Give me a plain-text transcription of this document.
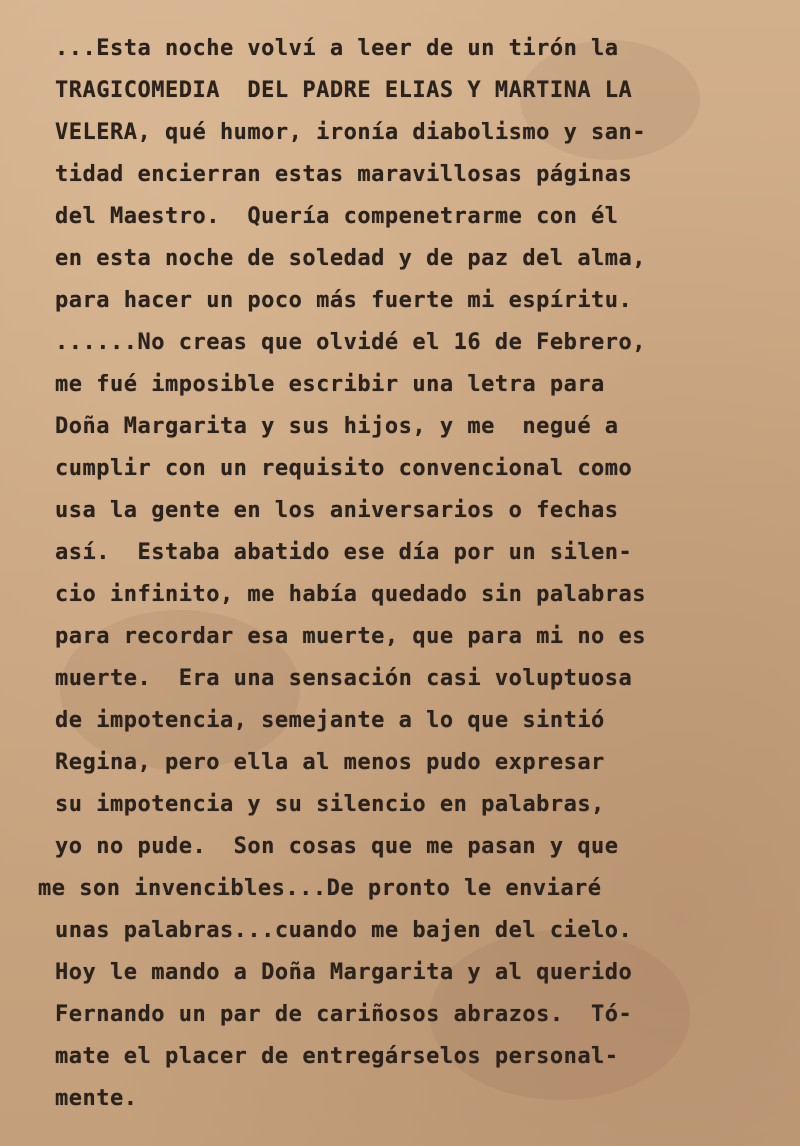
...Esta noche volví a leer de un tirón la
TRAGICOMEDIA  DEL PADRE ELIAS Y MARTINA LA
VELERA, qué humor, ironía diabolismo y san-
tidad encierran estas maravillosas páginas
del Maestro.  Quería compenetrarme con él
en esta noche de soledad y de paz del alma,
para hacer un poco más fuerte mi espíritu.
......No creas que olvidé el 16 de Febrero,
me fué imposible escribir una letra para
Doña Margarita y sus hijos, y me  negué a
cumplir con un requisito convencional como
usa la gente en los aniversarios o fechas
así.  Estaba abatido ese día por un silen-
cio infinito, me había quedado sin palabras
para recordar esa muerte, que para mi no es
muerte.  Era una sensación casi voluptuosa
de impotencia, semejante a lo que sintió
Regina, pero ella al menos pudo expresar
su impotencia y su silencio en palabras,
yo no pude.  Son cosas que me pasan y que
me son invencibles...De pronto le enviaré
unas palabras...cuando me bajen del cielo.
Hoy le mando a Doña Margarita y al querido
Fernando un par de cariñosos abrazos.  Tó-
mate el placer de entregárselos personal-
mente.
